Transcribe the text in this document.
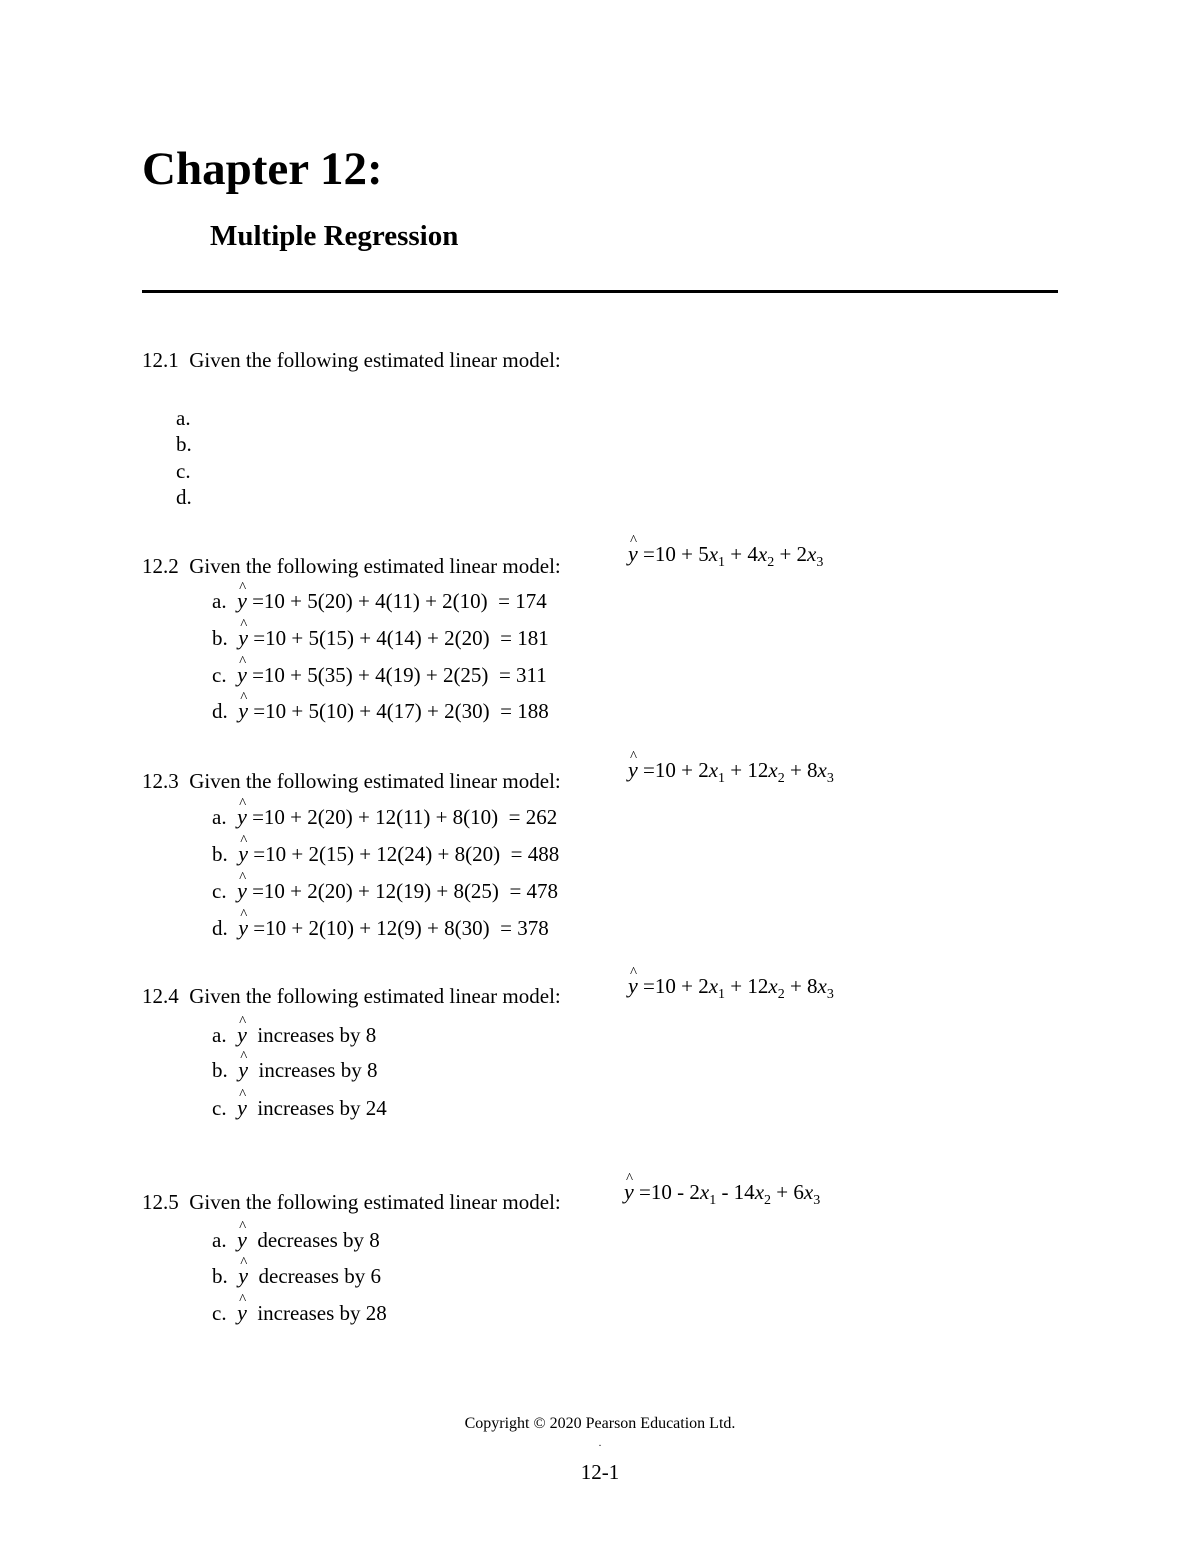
Chapter 12:
Multiple Regression
12.1 Given the following estimated linear model:
a.
b.
c.
d.
12.2 Given the following estimated linear model:	^ $y =10 + 5x_1 + 4x_2 + 2x_3$
a. ^ y =10 + 5(20) + 4(11) + 2(10) = 174
b. ^ y =10 + 5(15) + 4(14) + 2(20) = 181
c. ^ y =10 + 5(35) + 4(19) + 2(25) = 311
d. ^ y =10 + 5(10) + 4(17) + 2(30) = 188
12.3 Given the following estimated linear model:	^ $y =10 + 2x_1 + 12x_2 + 8x_3$
a. ^ y =10 + 2(20) + 12(11) + 8(10) = 262
b. ^ y =10 + 2(15) + 12(24) + 8(20) = 488
c. ^ y =10 + 2(20) + 12(19) + 8(25) = 478
d. ^ y =10 + 2(10) + 12(9) + 8(30) = 378
12.4 Given the following estimated linear model:	^ $y =10 + 2x_1 + 12x_2 + 8x_3$
a. ^ y increases by 8
b. ^ y increases by 8
c. ^ y increases by 24
12.5 Given the following estimated linear model:	^ $y =10 - 2x_1 - 14x_2 + 6x_3$
a. ^ y decreases by 8
b. ^ y decreases by 6
c. ^ y increases by 28
Copyright © 2020 Pearson Education Ltd.
.
12-1
